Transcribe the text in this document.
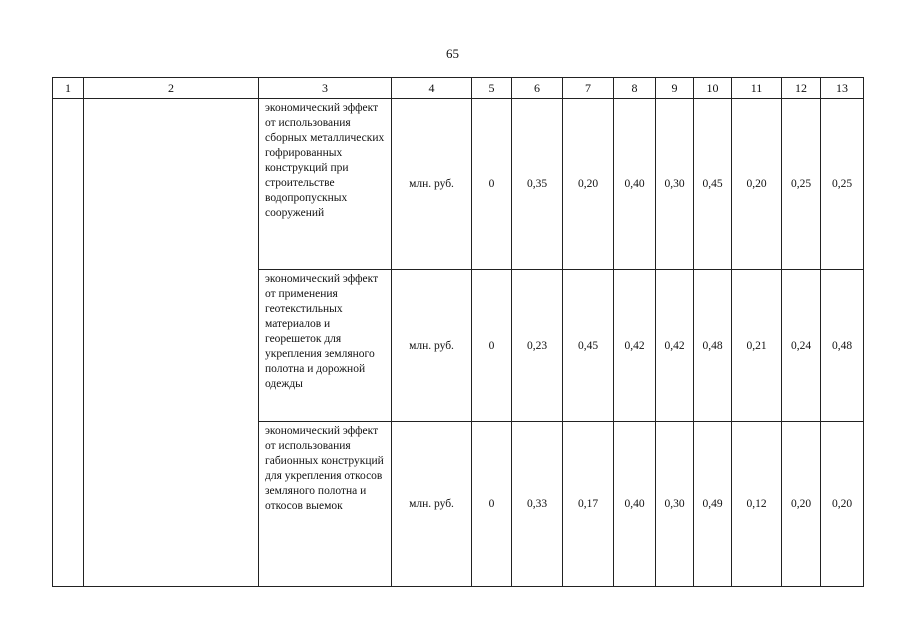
65
1	2	3	4	5	6	7	8	9	10	11	12	13
		экономический эффект от использования сборных металлических гофрированных конструкций при строительстве водопропускных сооружений	млн. руб.	0	0,35	0,20	0,40	0,30	0,45	0,20	0,25	0,25
		экономический эффект от применения геотекстильных материалов и георешеток для укрепления земляного полотна и дорожной одежды	млн. руб.	0	0,23	0,45	0,42	0,42	0,48	0,21	0,24	0,48
		экономический эффект от использования габионных конструкций для укрепления откосов земляного полотна и откосов выемок	млн. руб.	0	0,33	0,17	0,40	0,30	0,49	0,12	0,20	0,20
